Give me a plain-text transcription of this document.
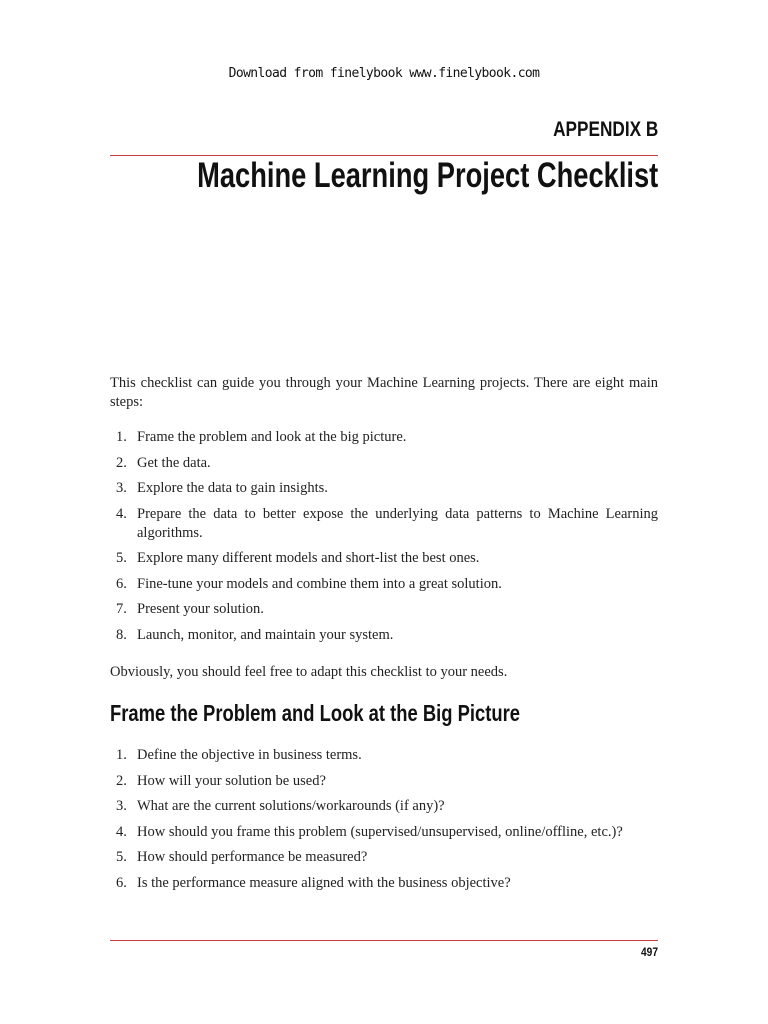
Download from finelybook www.finelybook.com
APPENDIX B
Machine Learning Project Checklist

This checklist can guide you through your Machine Learning projects. There are eight main steps:

1. Frame the problem and look at the big picture.
2. Get the data.
3. Explore the data to gain insights.
4. Prepare the data to better expose the underlying data patterns to Machine Learning algorithms.
5. Explore many different models and short-list the best ones.
6. Fine-tune your models and combine them into a great solution.
7. Present your solution.
8. Launch, monitor, and maintain your system.

Obviously, you should feel free to adapt this checklist to your needs.

Frame the Problem and Look at the Big Picture
1. Define the objective in business terms.
2. How will your solution be used?
3. What are the current solutions/workarounds (if any)?
4. How should you frame this problem (supervised/unsupervised, online/offline, etc.)?
5. How should performance be measured?
6. Is the performance measure aligned with the business objective?
497
